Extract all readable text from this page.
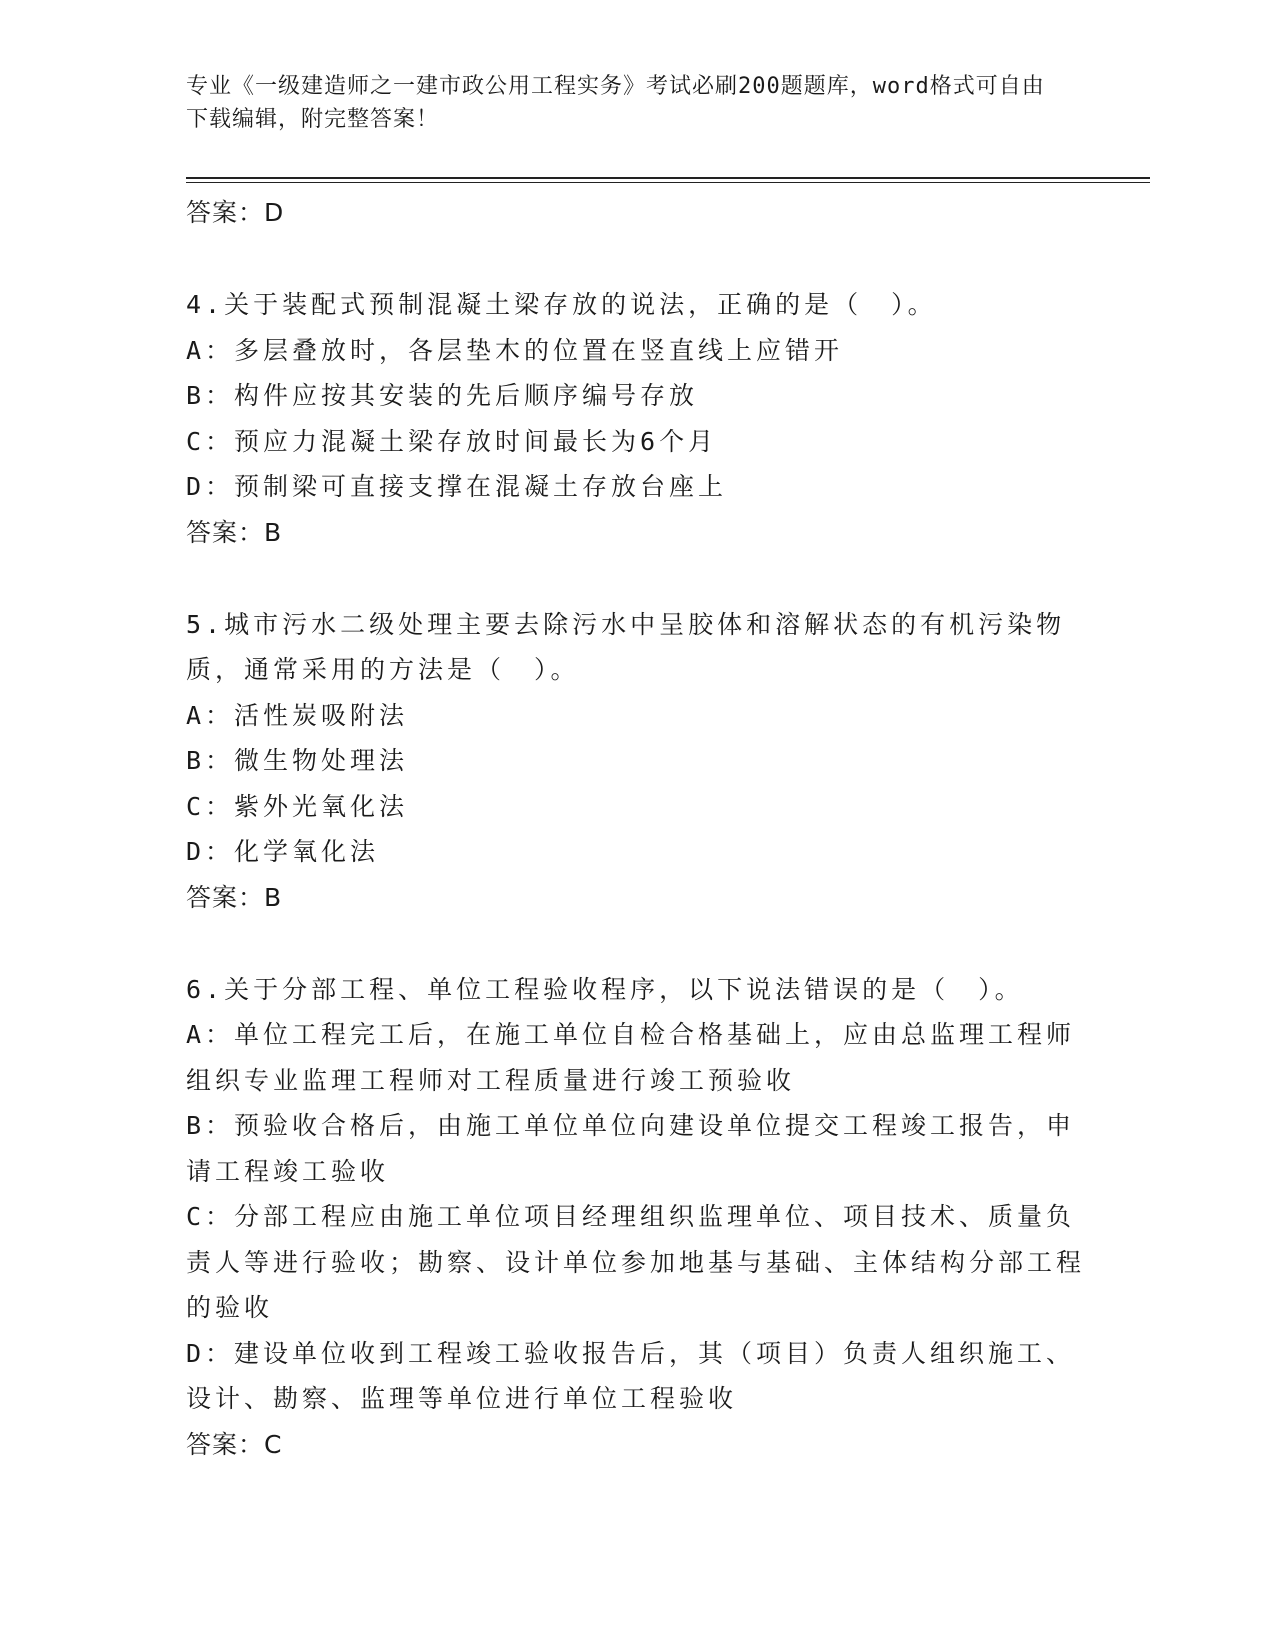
专业《一级建造师之一建市政公用工程实务》考试必刷200题题库，word格式可自由下载编辑，附完整答案！

答案：D

4.关于装配式预制混凝土梁存放的说法，正确的是（　）。

A：多层叠放时，各层垫木的位置在竖直线上应错开

B：构件应按其安装的先后顺序编号存放

C：预应力混凝土梁存放时间最长为6个月

D：预制梁可直接支撑在混凝土存放台座上

答案：B

5.城市污水二级处理主要去除污水中呈胶体和溶解状态的有机污染物质，通常采用的方法是（　）。

A：活性炭吸附法

B：微生物处理法

C：紫外光氧化法

D：化学氧化法

答案：B

6.关于分部工程、单位工程验收程序，以下说法错误的是（　）。

A：单位工程完工后，在施工单位自检合格基础上，应由总监理工程师组织专业监理工程师对工程质量进行竣工预验收

B：预验收合格后，由施工单位单位向建设单位提交工程竣工报告，申请工程竣工验收

C：分部工程应由施工单位项目经理组织监理单位、项目技术、质量负责人等进行验收；勘察、设计单位参加地基与基础、主体结构分部工程的验收

D：建设单位收到工程竣工验收报告后，其（项目）负责人组织施工、设计、勘察、监理等单位进行单位工程验收

答案：C
